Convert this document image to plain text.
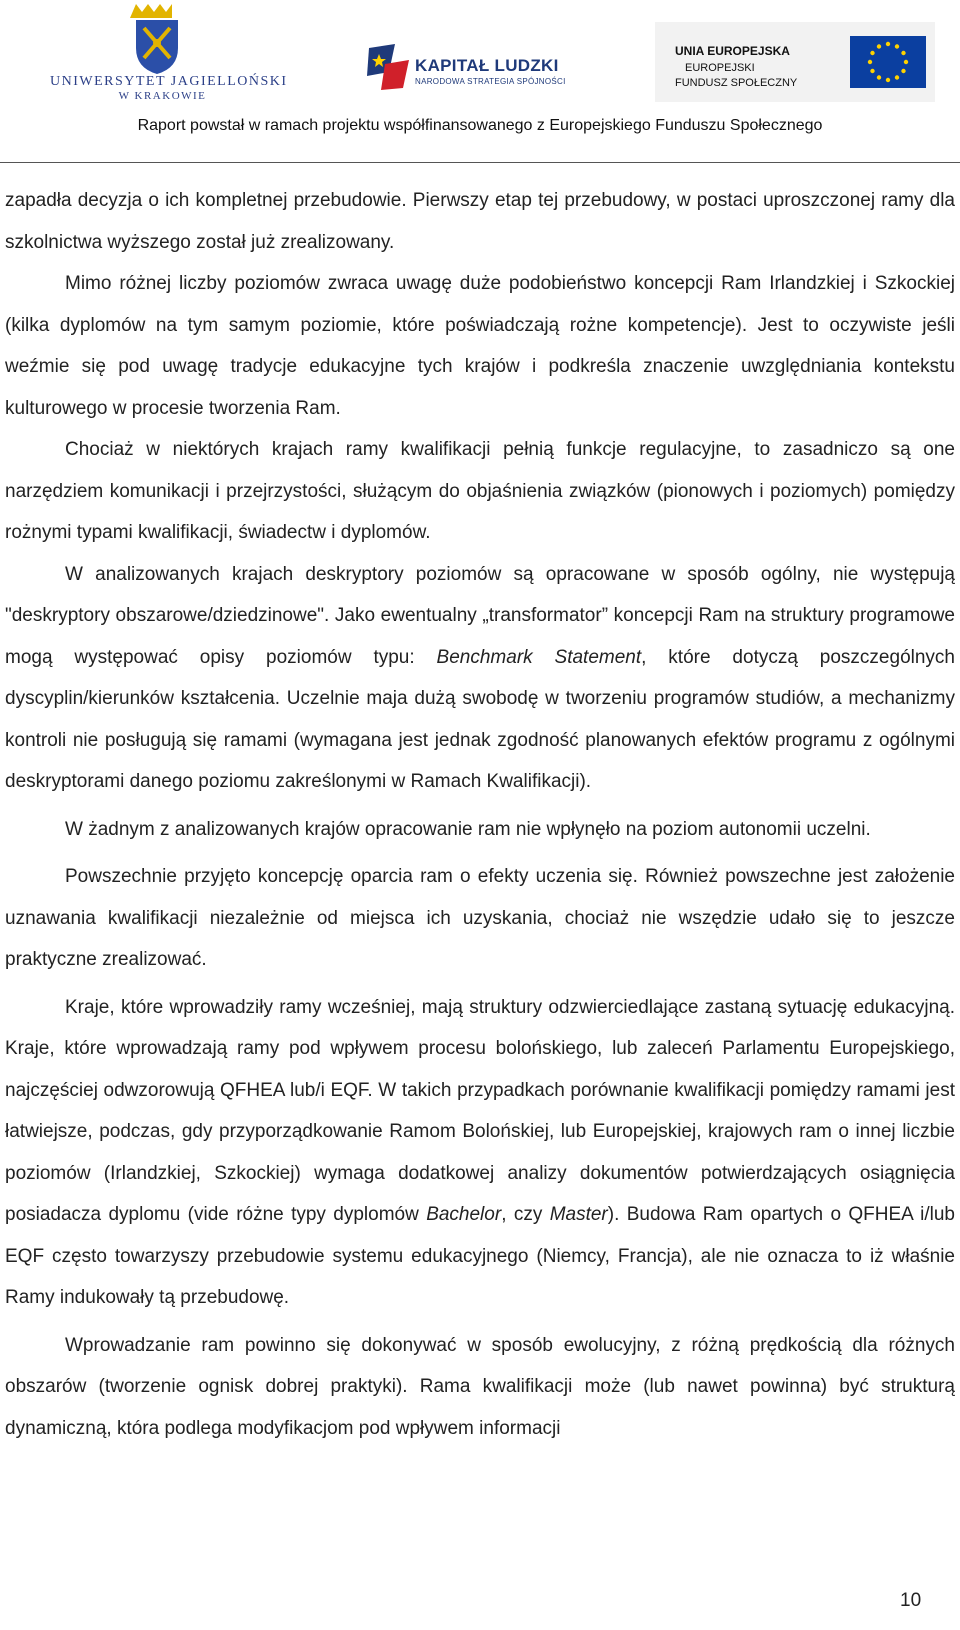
UNIWERSYTET JAGIELLOŃSKI
W KRAKOWIE
KAPITAŁ LUDZKI
NARODOWA STRATEGIA SPÓJNOŚCI
UNIA EUROPEJSKA
EUROPEJSKI
FUNDUSZ SPOŁECZNY
Raport powstał w ramach projektu współfinansowanego z Europejskiego Funduszu Społecznego

zapadła decyzja o ich kompletnej przebudowie. Pierwszy etap tej przebudowy, w postaci uproszczonej ramy dla szkolnictwa wyższego został już zrealizowany.

Mimo różnej liczby poziomów zwraca uwagę duże podobieństwo koncepcji Ram Irlandzkiej i Szkockiej (kilka dyplomów na tym samym poziomie, które poświadczają rożne kompetencje). Jest to oczywiste jeśli weźmie się pod uwagę tradycje edukacyjne tych krajów i podkreśla znaczenie uwzględniania kontekstu kulturowego w procesie tworzenia Ram.

Chociaż w niektórych krajach ramy kwalifikacji pełnią funkcje regulacyjne, to zasadniczo są one narzędziem komunikacji i przejrzystości, służącym do objaśnienia związków (pionowych i poziomych) pomiędzy rożnymi typami kwalifikacji, świadectw i dyplomów.

W analizowanych krajach deskryptory poziomów są opracowane w sposób ogólny, nie występują "deskryptory obszarowe/dziedzinowe". Jako ewentualny „transformator” koncepcji Ram na struktury programowe mogą występować opisy poziomów typu: Benchmark Statement, które dotyczą poszczególnych dyscyplin/kierunków kształcenia. Uczelnie maja dużą swobodę w tworzeniu programów studiów, a mechanizmy kontroli nie posługują się ramami (wymagana jest jednak zgodność planowanych efektów programu z ogólnymi deskryptorami danego poziomu zakreślonymi w Ramach Kwalifikacji).

W żadnym z analizowanych krajów opracowanie ram nie wpłynęło na poziom autonomii uczelni.

Powszechnie przyjęto koncepcję oparcia ram o efekty uczenia się. Również powszechne jest założenie uznawania kwalifikacji niezależnie od miejsca ich uzyskania, chociaż nie wszędzie udało się to jeszcze praktyczne zrealizować.

Kraje, które wprowadziły ramy wcześniej, mają struktury odzwierciedlające zastaną sytuację edukacyjną. Kraje, które wprowadzają ramy pod wpływem procesu bolońskiego, lub zaleceń Parlamentu Europejskiego, najczęściej odwzorowują QFHEA lub/i EQF. W takich przypadkach porównanie kwalifikacji pomiędzy ramami jest łatwiejsze, podczas, gdy przyporządkowanie Ramom Bolońskiej, lub Europejskiej, krajowych ram o innej liczbie poziomów (Irlandzkiej, Szkockiej) wymaga dodatkowej analizy dokumentów potwierdzających osiągnięcia posiadacza dyplomu (vide różne typy dyplomów Bachelor, czy Master). Budowa Ram opartych o QFHEA i/lub EQF często towarzyszy przebudowie systemu edukacyjnego (Niemcy, Francja), ale nie oznacza to iż właśnie Ramy indukowały tą przebudowę.

Wprowadzanie ram powinno się dokonywać w sposób ewolucyjny, z różną prędkością dla różnych obszarów (tworzenie ognisk dobrej praktyki). Rama kwalifikacji może (lub nawet powinna) być strukturą dynamiczną, która podlega modyfikacjom pod wpływem informacji

10
